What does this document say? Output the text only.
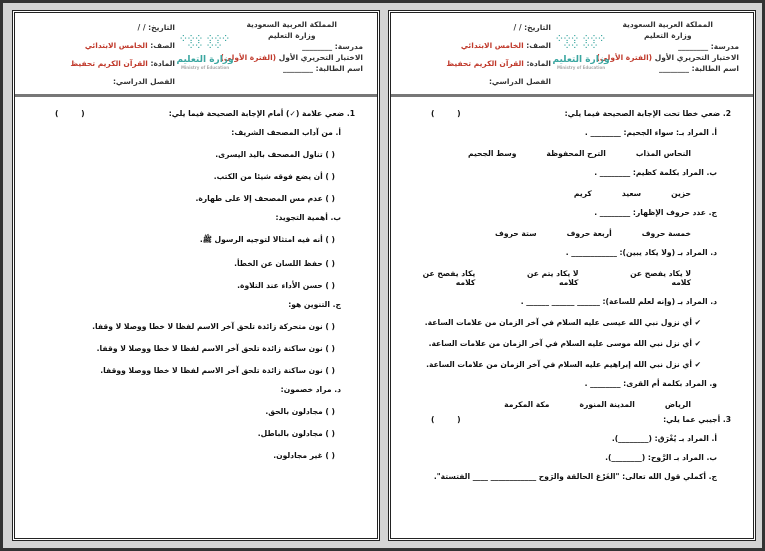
المملكة العربية السعودية
وزارة التعليم
مدرسة: ________
الاختبار التحريري الأول (الفترة الأولى)
اسم الطالبة: ________
⁘⁘⁘ ⁘⁘⁘
⁘⁘ ⁘⁘
وزارة التعليم
Ministry of Education
التاريخ: / /
الصف: الخامس الابتدائي
المادة: القرآن الكريم تحفيظ
الفصل الدراسي:
1. ضعي علامة (✓) أمام الإجابة الصحيحة فيما يلي:
( )
أ. من آداب المصحف الشريف:
( ) تناول المصحف باليد اليسرى.
( ) أن يضع فوقه شيئا من الكتب.
( ) عدم مس المصحف إلا على طهارة.
ب. أهمية التجويد:
( ) أنه فيه امتثالا لتوجيه الرسول ﷺ.
( ) حفظ اللسان عن الخطأ.
( ) حسن الأداء عند التلاوة.
ج. التنوين هو:
( ) نون متحركة زائدة تلحق آخر الاسم لفظا لا خطا ووصلا لا وقفا.
( ) نون ساكنة زائدة تلحق آخر الاسم لفظا لا خطا ووصلا لا وقفا.
( ) نون ساكنة زائدة تلحق آخر الاسم لفظا لا خطا ووصلا ووقفا.
د. مراد خصمون:
( ) مجادلون بالحق.
( ) مجادلون بالباطل.
( ) غير مجادلون.
المملكة العربية السعودية
وزارة التعليم
مدرسة: ________
الاختبار التحريري الأول (الفترة الأولى)
اسم الطالبة: ________
⁘⁘⁘ ⁘⁘⁘
⁘⁘ ⁘⁘
وزارة التعليم
Ministry of Education
التاريخ: / /
الصف: الخامس الابتدائي
المادة: القرآن الكريم تحفيظ
الفصل الدراسي:
2. ضعي خطا تحت الإجابة الصحيحة فيما يلي:
( )
أ. المراد بـ: سواء الجحيم: ________ .
النحاس المذاب
الترح المحفوظة
وسط الجحيم
ب. المراد بكلمة كظيم: ________ .
حزين
سعيد
كريم
ج. عدد حروف الإظهار: ________ .
خمسة حروف
أربعة حروف
ستة حروف
د. المراد بـ (ولا يكاد يبين): ____________ .
لا يكاد يفصح عن كلامه
لا يكاد يتم عن كلامه
يكاد يفصح عن كلامه
د. المراد بـ (وإنه لعلم للساعة): ______ ______ ______ .
✔ أي نزول نبي الله عيسى عليه السلام في آخر الزمان من علامات الساعة.
✔ أي نزل نبي الله موسى عليه السلام في آخر الزمان من علامات الساعة.
✔ أي نزل نبي الله إبراهيم عليه السلام في آخر الزمان من علامات الساعة.
و. المراد بكلمة أم القرى: ________ .
الرياض
المدينة المنورة
مكة المكرمة
3. أجيبي عما يلي:
( )
أ. المراد بـ يُغْرَق: (________).
ب. المراد بـ الرَّوح: (________).
ج. أكملي قول الله تعالى: "الغَرْغ الحالقة والرَوح ____________ ____ الفتستة".
